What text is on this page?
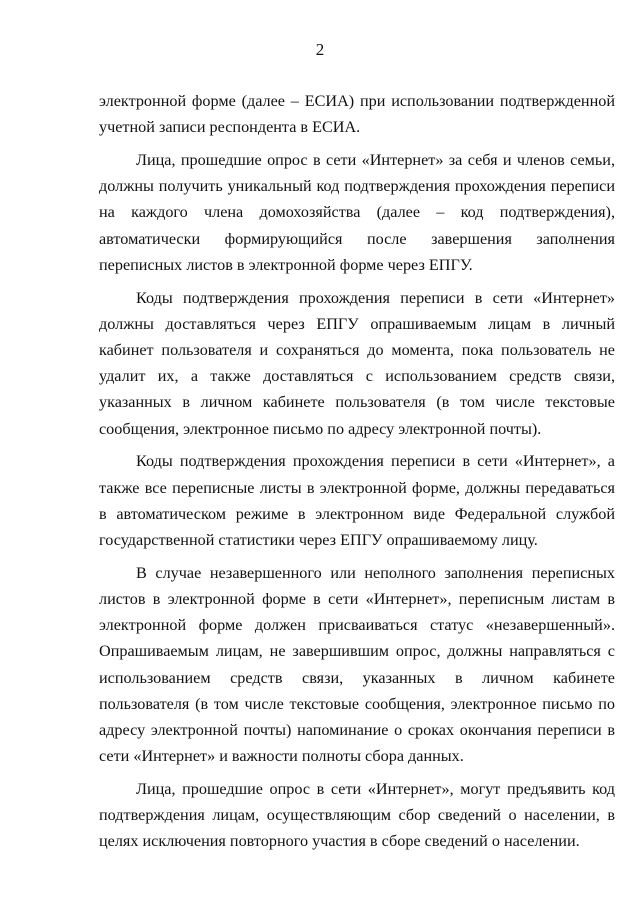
2

электронной форме (далее – ЕСИА) при использовании подтвержденной учетной записи респондента в ЕСИА.

Лица, прошедшие опрос в сети «Интернет» за себя и членов семьи, должны получить уникальный код подтверждения прохождения переписи на каждого члена домохозяйства (далее – код подтверждения), автоматически формирующийся после завершения заполнения переписных листов в электронной форме через ЕПГУ.

Коды подтверждения прохождения переписи в сети «Интернет» должны доставляться через ЕПГУ опрашиваемым лицам в личный кабинет пользователя и сохраняться до момента, пока пользователь не удалит их, а также доставляться с использованием средств связи, указанных в личном кабинете пользователя (в том числе текстовые сообщения, электронное письмо по адресу электронной почты).

Коды подтверждения прохождения переписи в сети «Интернет», а также все переписные листы в электронной форме, должны передаваться в автоматическом режиме в электронном виде Федеральной службой государственной статистики через ЕПГУ опрашиваемому лицу.

В случае незавершенного или неполного заполнения переписных листов в электронной форме в сети «Интернет», переписным листам в электронной форме должен присваиваться статус «незавершенный». Опрашиваемым лицам, не завершившим опрос, должны направляться с использованием средств связи, указанных в личном кабинете пользователя (в том числе текстовые сообщения, электронное письмо по адресу электронной почты) напоминание о сроках окончания переписи в сети «Интернет» и важности полноты сбора данных.

Лица, прошедшие опрос в сети «Интернет», могут предъявить код подтверждения лицам, осуществляющим сбор сведений о населении, в целях исключения повторного участия в сборе сведений о населении.
